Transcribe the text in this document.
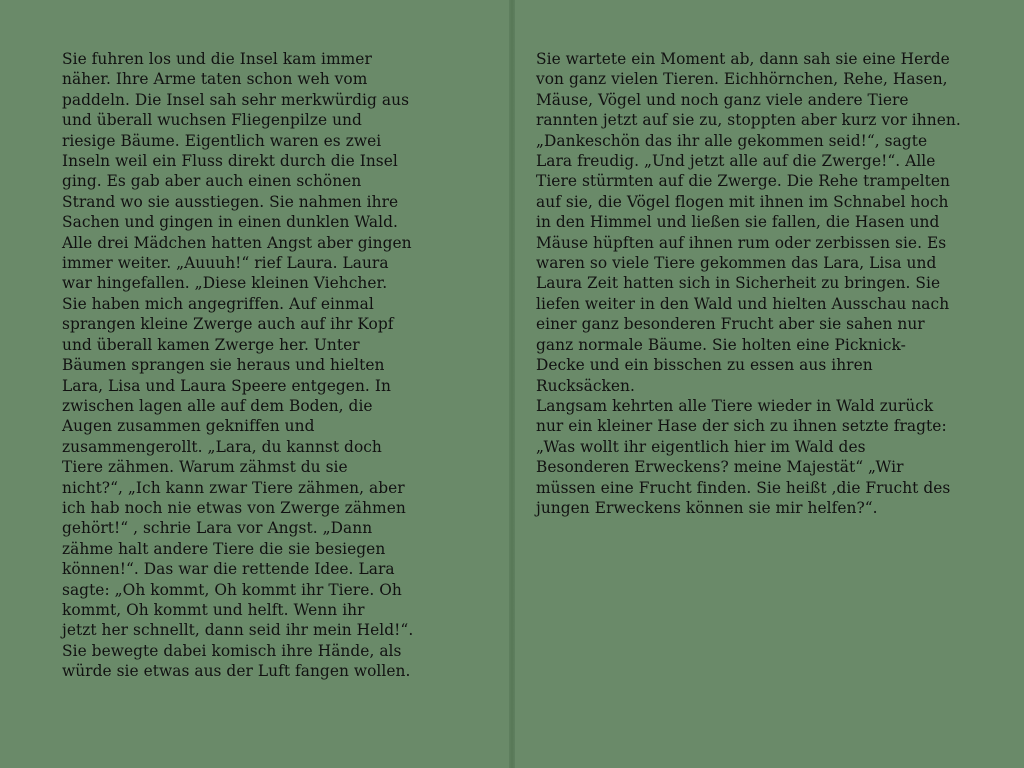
Sie fuhren los und die Insel kam immer
näher. Ihre Arme taten schon weh vom
paddeln. Die Insel sah sehr merkwürdig aus
und überall wuchsen Fliegenpilze und
riesige Bäume. Eigentlich waren es zwei
Inseln weil ein Fluss direkt durch die Insel
ging. Es gab aber auch einen schönen
Strand wo sie ausstiegen. Sie nahmen ihre
Sachen und gingen in einen dunklen Wald.
Alle drei Mädchen hatten Angst aber gingen
immer weiter. „Auuuh!“ rief Laura. Laura
war hingefallen. „Diese kleinen Viehcher.
Sie haben mich angegriffen. Auf einmal
sprangen kleine Zwerge auch auf ihr Kopf
und überall kamen Zwerge her. Unter
Bäumen sprangen sie heraus und hielten
Lara, Lisa und Laura Speere entgegen. In
zwischen lagen alle auf dem Boden, die
Augen zusammen gekniffen und
zusammengerollt. „Lara, du kannst doch
Tiere zähmen. Warum zähmst du sie
nicht?“, „Ich kann zwar Tiere zähmen, aber
ich hab noch nie etwas von Zwerge zähmen
gehört!“ , schrie Lara vor Angst. „Dann
zähme halt andere Tiere die sie besiegen
können!“. Das war die rettende Idee. Lara
sagte: „Oh kommt, Oh kommt ihr Tiere. Oh
kommt, Oh kommt und helft. Wenn ihr
jetzt her schnellt, dann seid ihr mein Held!“.
Sie bewegte dabei komisch ihre Hände, als
würde sie etwas aus der Luft fangen wollen.
Sie wartete ein Moment ab, dann sah sie eine Herde
von ganz vielen Tieren. Eichhörnchen, Rehe, Hasen,
Mäuse, Vögel und noch ganz viele andere Tiere
rannten jetzt auf sie zu, stoppten aber kurz vor ihnen.
„Dankeschön das ihr alle gekommen seid!“, sagte
Lara freudig. „Und jetzt alle auf die Zwerge!“. Alle
Tiere stürmten auf die Zwerge. Die Rehe trampelten
auf sie, die Vögel flogen mit ihnen im Schnabel hoch
in den Himmel und ließen sie fallen, die Hasen und
Mäuse hüpften auf ihnen rum oder zerbissen sie. Es
waren so viele Tiere gekommen das Lara, Lisa und
Laura Zeit hatten sich in Sicherheit zu bringen. Sie
liefen weiter in den Wald und hielten Ausschau nach
einer ganz besonderen Frucht aber sie sahen nur
ganz normale Bäume. Sie holten eine Picknick-
Decke und ein bisschen zu essen aus ihren
Rucksäcken.
Langsam kehrten alle Tiere wieder in Wald zurück
nur ein kleiner Hase der sich zu ihnen setzte fragte:
„Was wollt ihr eigentlich hier im Wald des
Besonderen Erweckens? meine Majestät“ „Wir
müssen eine Frucht finden. Sie heißt ‚die Frucht des
jungen Erweckens können sie mir helfen?“.
